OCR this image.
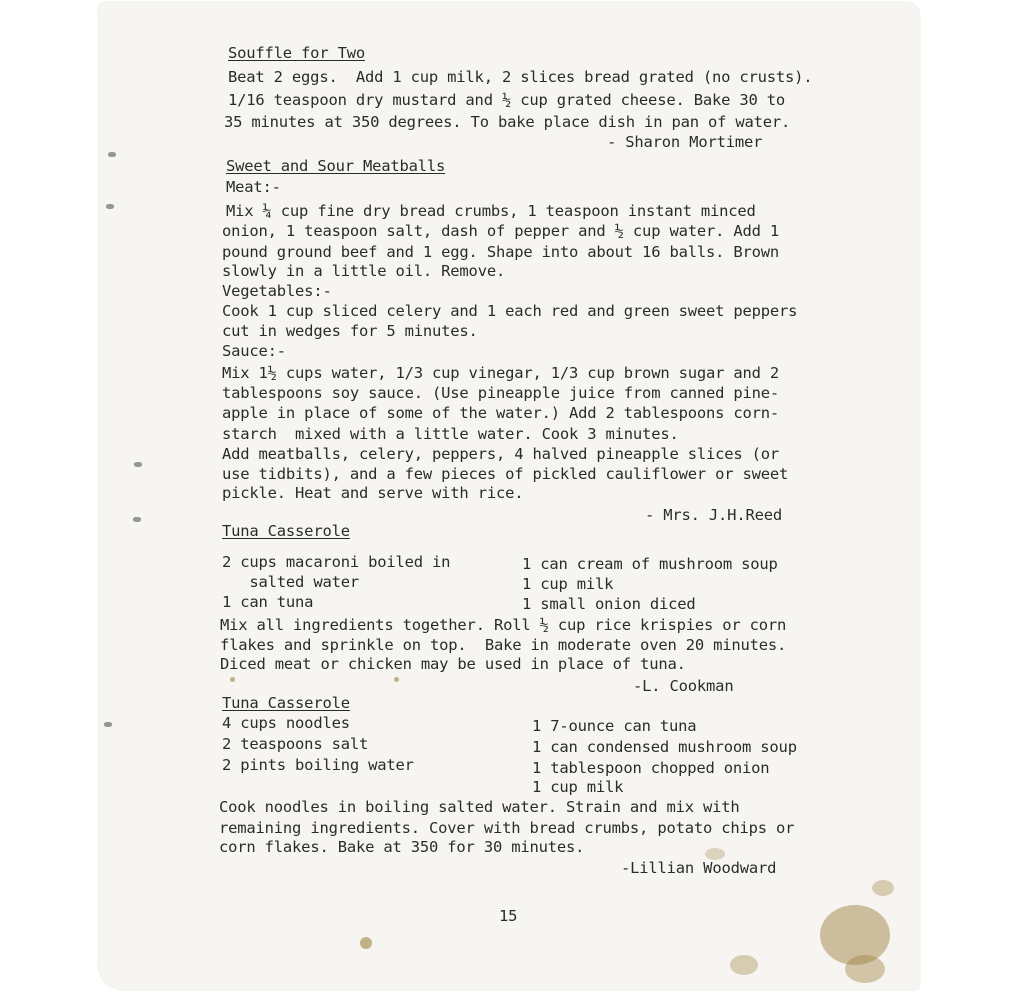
Souffle for Two
Beat 2 eggs.  Add 1 cup milk, 2 slices bread grated (no crusts).
1/16 teaspoon dry mustard and ½ cup grated cheese. Bake 30 to
35 minutes at 350 degrees. To bake place dish in pan of water.
- Sharon Mortimer
Sweet and Sour Meatballs
Meat:-
Mix ¼ cup fine dry bread crumbs, 1 teaspoon instant minced
onion, 1 teaspoon salt, dash of pepper and ½ cup water. Add 1
pound ground beef and 1 egg. Shape into about 16 balls. Brown
slowly in a little oil. Remove.
Vegetables:-
Cook 1 cup sliced celery and 1 each red and green sweet peppers
cut in wedges for 5 minutes.
Sauce:-
Mix 1½ cups water, 1/3 cup vinegar, 1/3 cup brown sugar and 2
tablespoons soy sauce. (Use pineapple juice from canned pine-
apple in place of some of the water.) Add 2 tablespoons corn-
starch  mixed with a little water. Cook 3 minutes.
Add meatballs, celery, peppers, 4 halved pineapple slices (or
use tidbits), and a few pieces of pickled cauliflower or sweet
pickle. Heat and serve with rice.
- Mrs. J.H.Reed
Tuna Casserole
2 cups macaroni boiled in
salted water
1 can tuna
1 can cream of mushroom soup
1 cup milk
1 small onion diced
Mix all ingredients together. Roll ½ cup rice krispies or corn
flakes and sprinkle on top.  Bake in moderate oven 20 minutes.
Diced meat or chicken may be used in place of tuna.
-L. Cookman
Tuna Casserole
4 cups noodles
2 teaspoons salt
2 pints boiling water
1 7-ounce can tuna
1 can condensed mushroom soup
1 tablespoon chopped onion
1 cup milk
Cook noodles in boiling salted water. Strain and mix with
remaining ingredients. Cover with bread crumbs, potato chips or
corn flakes. Bake at 350 for 30 minutes.
-Lillian Woodward
15
